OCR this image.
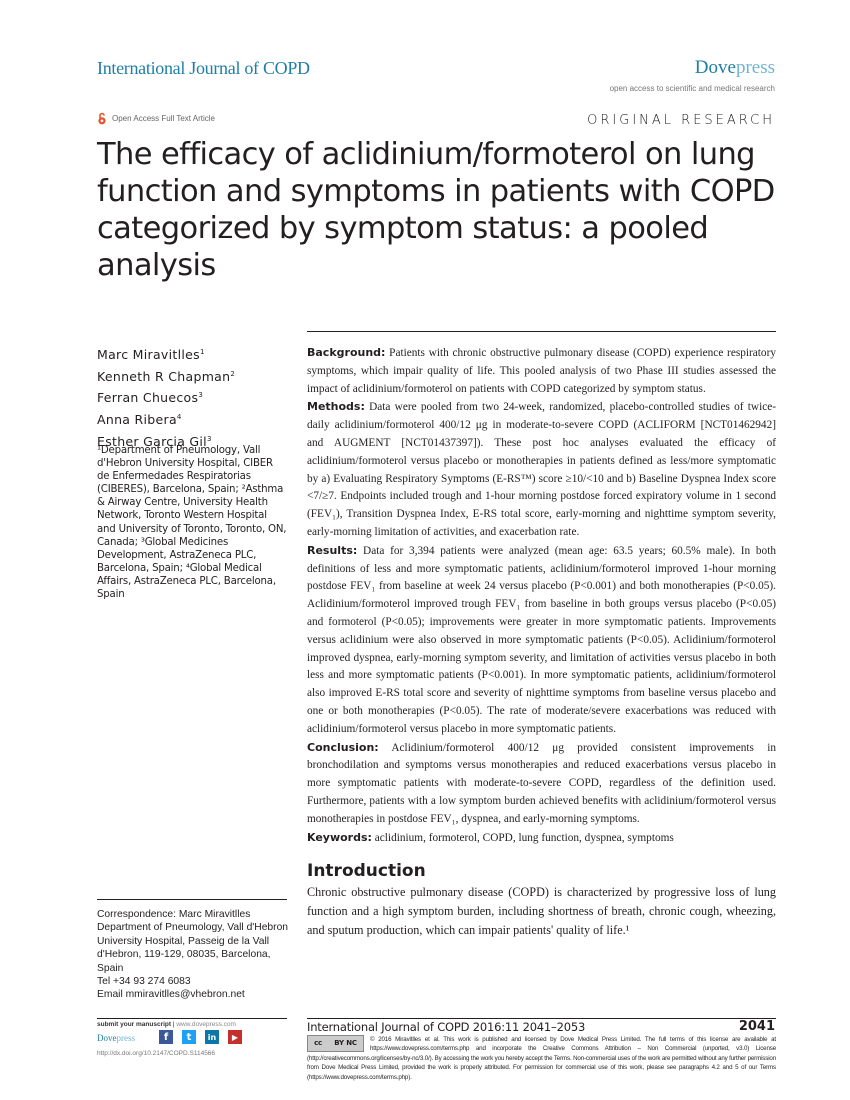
International Journal of COPD	Dovepress
open access to scientific and medical research
Open Access Full Text Article	ORIGINAL RESEARCH
The efficacy of aclidinium/formoterol on lung function and symptoms in patients with COPD categorized by symptom status: a pooled analysis
Marc Miravitlles$^1$
Kenneth R Chapman$^2$
Ferran Chuecos$^3$
Anna Ribera$^4$
Esther Garcia Gil$^3$
¹Department of Pneumology, Vall d'Hebron University Hospital, CIBER de Enfermedades Respiratorias (CIBERES), Barcelona, Spain; ²Asthma & Airway Centre, University Health Network, Toronto Western Hospital and University of Toronto, Toronto, ON, Canada; ³Global Medicines Development, AstraZeneca PLC, Barcelona, Spain; ⁴Global Medical Affairs, AstraZeneca PLC, Barcelona, Spain

Background: Patients with chronic obstructive pulmonary disease (COPD) experience respiratory symptoms, which impair quality of life. This pooled analysis of two Phase III studies assessed the impact of aclidinium/formoterol on patients with COPD categorized by symptom status.

Methods: Data were pooled from two 24-week, randomized, placebo-controlled studies of twice-daily aclidinium/formoterol 400/12 μg in moderate-to-severe COPD (ACLIFORM [NCT01462942] and AUGMENT [NCT01437397]). These post hoc analyses evaluated the efficacy of aclidinium/formoterol versus placebo or monotherapies in patients defined as less/more symptomatic by a) Evaluating Respiratory Symptoms (E-RS™) score ≥10/<10 and b) Baseline Dyspnea Index score <7/≥7. Endpoints included trough and 1-hour morning postdose forced expiratory volume in 1 second (FEV₁), Transition Dyspnea Index, E-RS total score, early-morning and nighttime symptom severity, early-morning limitation of activities, and exacerbation rate.

Results: Data for 3,394 patients were analyzed (mean age: 63.5 years; 60.5% male). In both definitions of less and more symptomatic patients, aclidinium/formoterol improved 1-hour morning postdose FEV₁ from baseline at week 24 versus placebo (P<0.001) and both monotherapies (P<0.05). Aclidinium/formoterol improved trough FEV₁ from baseline in both groups versus placebo (P<0.05) and formoterol (P<0.05); improvements were greater in more symptomatic patients. Improvements versus aclidinium were also observed in more symptomatic patients (P<0.05). Aclidinium/formoterol improved dyspnea, early-morning symptom severity, and limitation of activities versus placebo in both less and more symptomatic patients (P<0.001). In more symptomatic patients, aclidinium/formoterol also improved E-RS total score and severity of nighttime symptoms from baseline versus placebo and one or both monotherapies (P<0.05). The rate of moderate/severe exacerbations was reduced with aclidinium/formoterol versus placebo in more symptomatic patients.

Conclusion: Aclidinium/formoterol 400/12 μg provided consistent improvements in bronchodilation and symptoms versus monotherapies and reduced exacerbations versus placebo in more symptomatic patients with moderate-to-severe COPD, regardless of the definition used. Furthermore, patients with a low symptom burden achieved benefits with aclidinium/formoterol versus monotherapies in postdose FEV₁, dyspnea, and early-morning symptoms.

Keywords: aclidinium, formoterol, COPD, lung function, dyspnea, symptoms

Introduction

Chronic obstructive pulmonary disease (COPD) is characterized by progressive loss of lung function and a high symptom burden, including shortness of breath, chronic cough, wheezing, and sputum production, which can impair patients' quality of life.¹

Correspondence: Marc Miravitlles
Department of Pneumology, Vall d'Hebron University Hospital, Passeig de la Vall d'Hebron, 119-129, 08035, Barcelona, Spain
Tel +34 93 274 6083
Email mmiravitlles@vhebron.net
submit your manuscript | www.dovepress.com
Dovepress	f	t	in	▶
http://dx.doi.org/10.2147/COPD.S114566
International Journal of COPD 2016:11 2041–2053	2041
cc BY NC © 2016 Miravitlles et al. This work is published and licensed by Dove Medical Press Limited. The full terms of this license are available at https://www.dovepress.com/terms.php and incorporate the Creative Commons Attribution – Non Commercial (unported, v3.0) License (http://creativecommons.org/licenses/by-nc/3.0/). By accessing the work you hereby accept the Terms. Non-commercial uses of the work are permitted without any further permission from Dove Medical Press Limited, provided the work is properly attributed. For permission for commercial use of this work, please see paragraphs 4.2 and 5 of our Terms (https://www.dovepress.com/terms.php).
